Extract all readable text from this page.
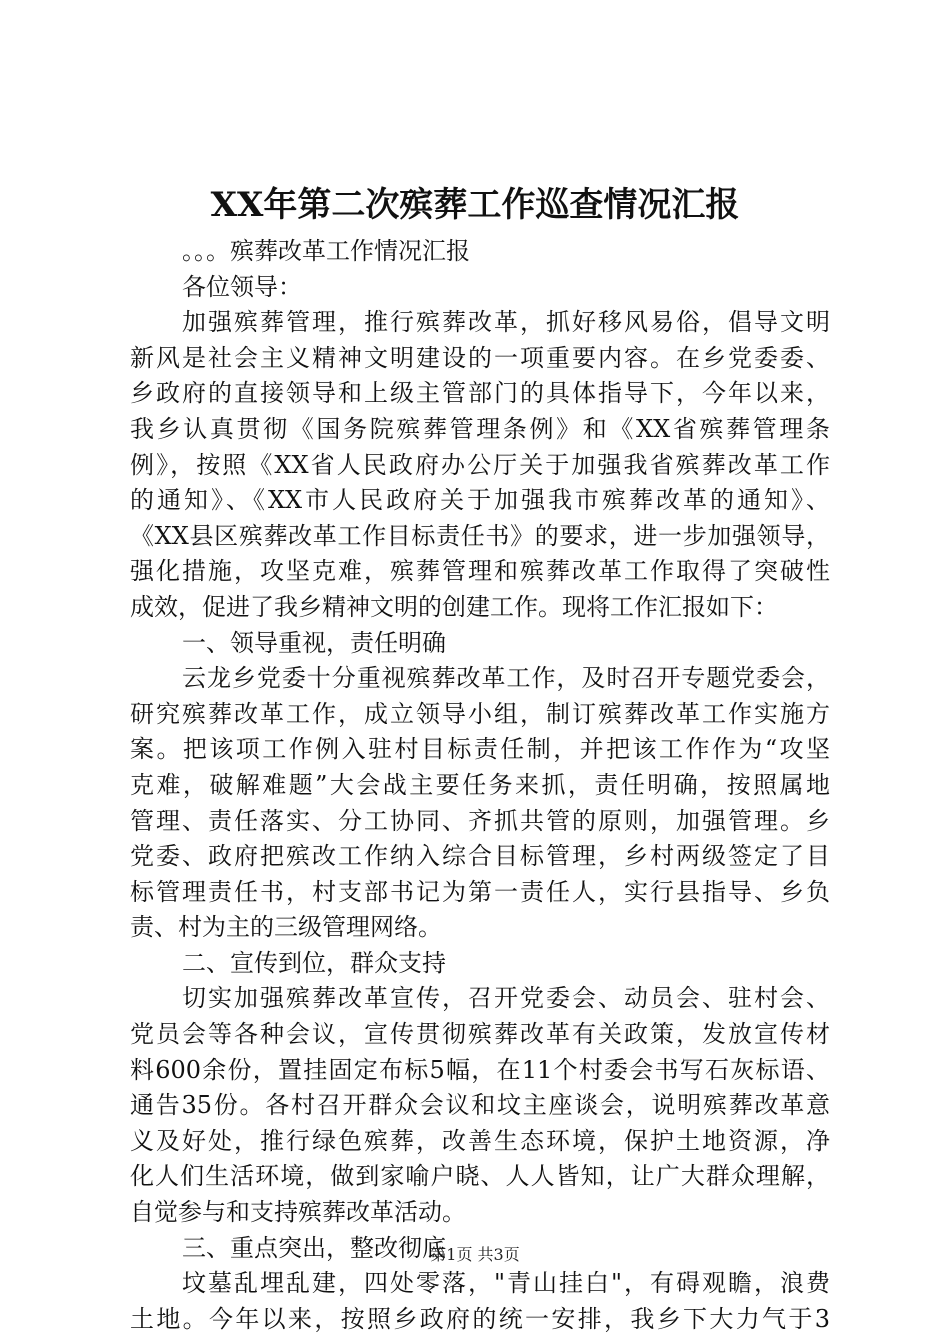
XX年第二次殡葬工作巡查情况汇报
。。。殡葬改革工作情况汇报
各位领导：
加强殡葬管理，推行殡葬改革，抓好移风易俗，倡导文明
新风是社会主义精神文明建设的一项重要内容。在乡党委委、
乡政府的直接领导和上级主管部门的具体指导下，今年以来，
我乡认真贯彻《国务院殡葬管理条例》和《XX省殡葬管理条
例》，按照《XX省人民政府办公厅关于加强我省殡葬改革工作
的通知》、《XX市人民政府关于加强我市殡葬改革的通知》、
《XX县区殡葬改革工作目标责任书》的要求，进一步加强领导，
强化措施，攻坚克难，殡葬管理和殡葬改革工作取得了突破性
成效，促进了我乡精神文明的创建工作。现将工作汇报如下：
一、领导重视，责任明确
云龙乡党委十分重视殡葬改革工作，及时召开专题党委会，
研究殡葬改革工作，成立领导小组，制订殡葬改革工作实施方
案。把该项工作例入驻村目标责任制，并把该工作作为“攻坚
克难，破解难题”大会战主要任务来抓，责任明确，按照属地
管理、责任落实、分工协同、齐抓共管的原则，加强管理。乡
党委、政府把殡改工作纳入综合目标管理，乡村两级签定了目
标管理责任书，村支部书记为第一责任人，实行县指导、乡负
责、村为主的三级管理网络。
二、宣传到位，群众支持
切实加强殡葬改革宣传，召开党委会、动员会、驻村会、
党员会等各种会议，宣传贯彻殡葬改革有关政策，发放宣传材
料600余份，置挂固定布标5幅，在11个村委会书写石灰标语、
通告35份。各村召开群众会议和坟主座谈会，说明殡葬改革意
义及好处，推行绿色殡葬，改善生态环境，保护土地资源，净
化人们生活环境，做到家喻户晓、人人皆知，让广大群众理解，
自觉参与和支持殡葬改革活动。
三、重点突出，整改彻底
坟墓乱埋乱建，四处零落，"青山挂白"，有碍观瞻，浪费
土地。今年以来，按照乡政府的统一安排，我乡下大力气于3
第1页 共3页
